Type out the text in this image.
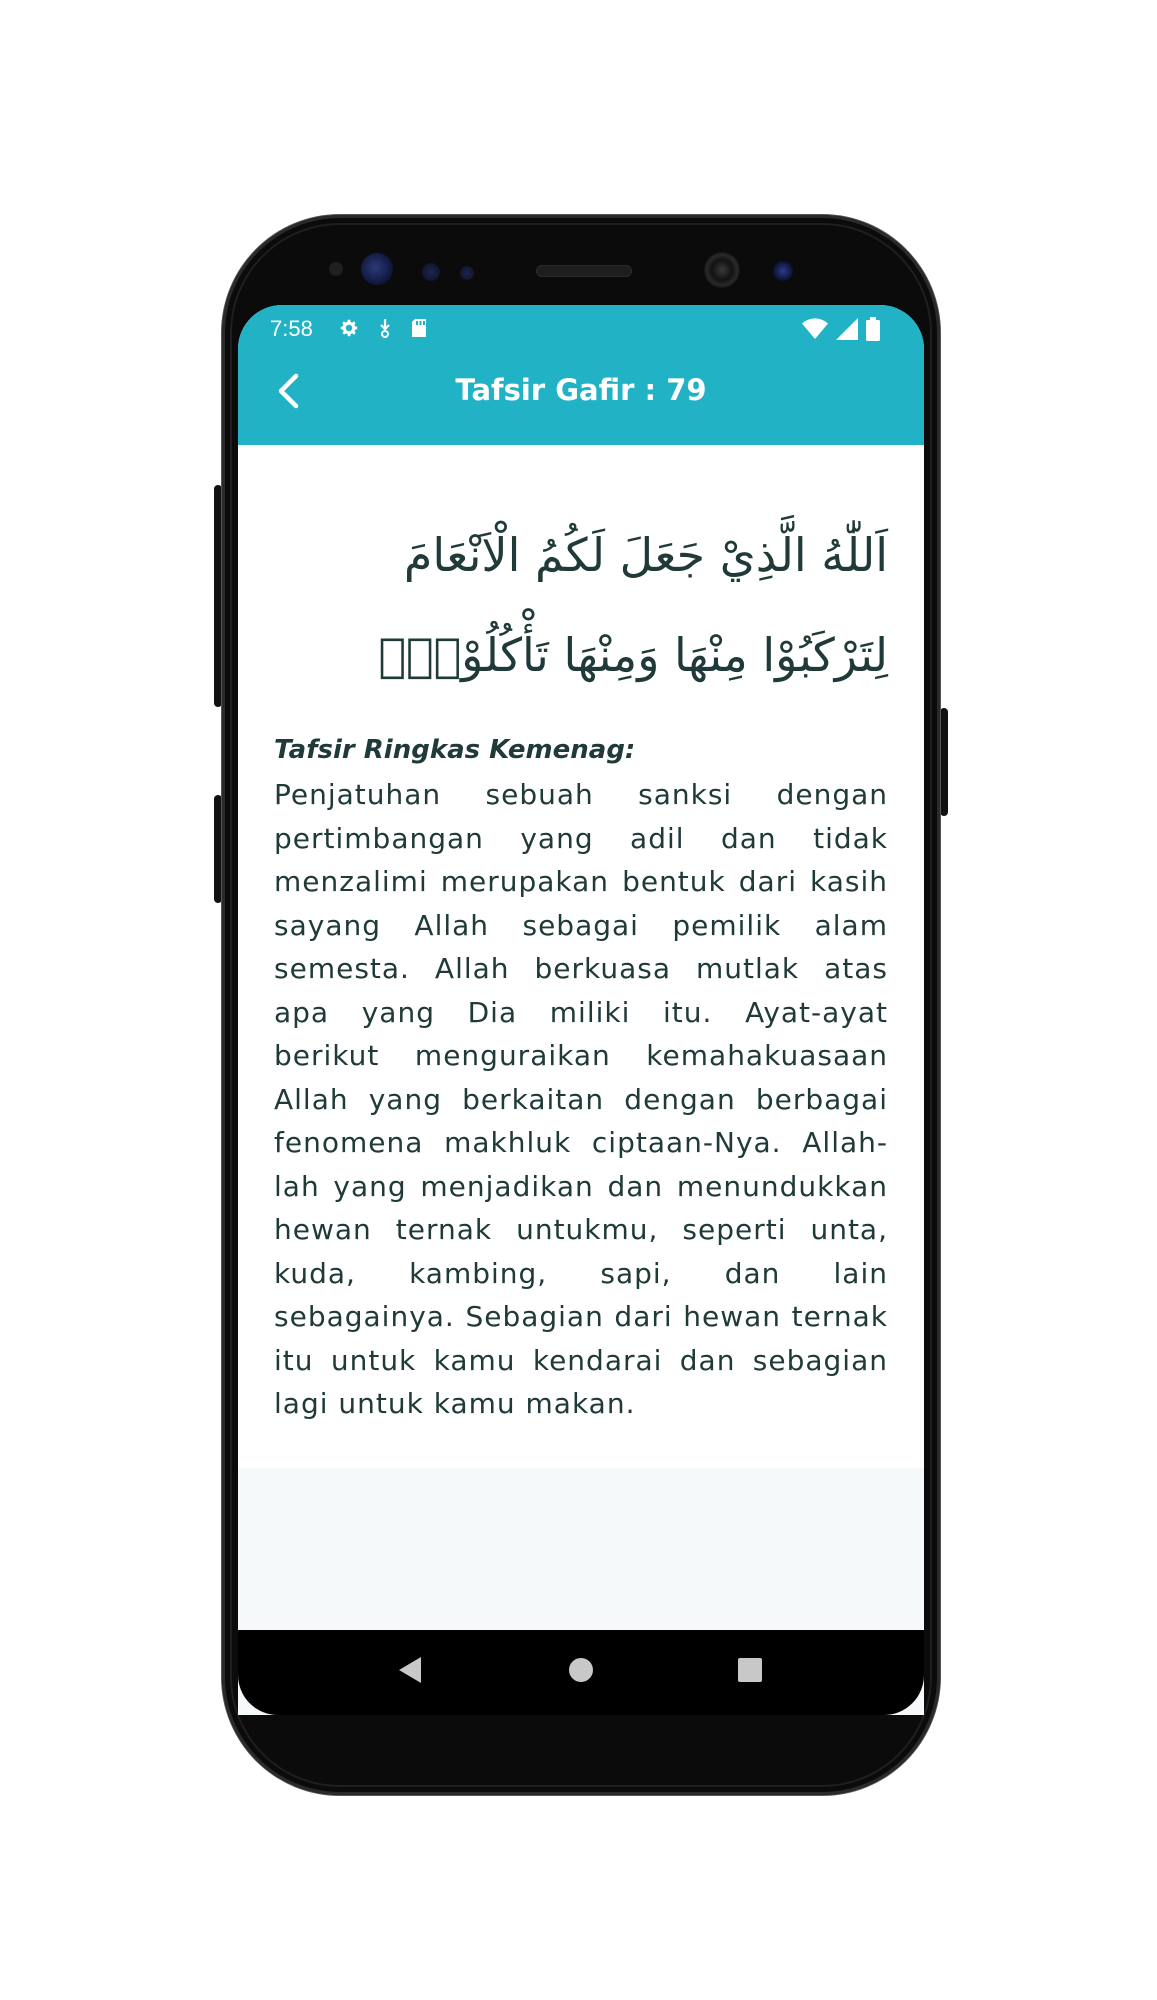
7:58
Tafsir Gafir : 79
اَللّٰهُ الَّذِيْ جَعَلَ لَكُمُ الْاَنْعَامَ لِتَرْكَبُوْا مِنْهَا وَمِنْهَا تَأْكُلُوْنَۖ
Tafsir Ringkas Kemenag:
Penjatuhan sebuah sanksi dengan pertimbangan yang adil dan tidak menzalimi merupakan bentuk dari kasih sayang Allah sebagai pemilik alam semesta. Allah berkuasa mutlak atas apa yang Dia miliki itu. Ayat-ayat berikut menguraikan kemahakuasaan Allah yang berkaitan dengan berbagai fenomena makhluk ciptaan-Nya. Allah-lah yang menjadikan dan menundukkan hewan ternak untukmu, seperti unta, kuda, kambing, sapi, dan lain sebagainya. Sebagian dari hewan ternak itu untuk kamu kendarai dan sebagian lagi untuk kamu makan.
